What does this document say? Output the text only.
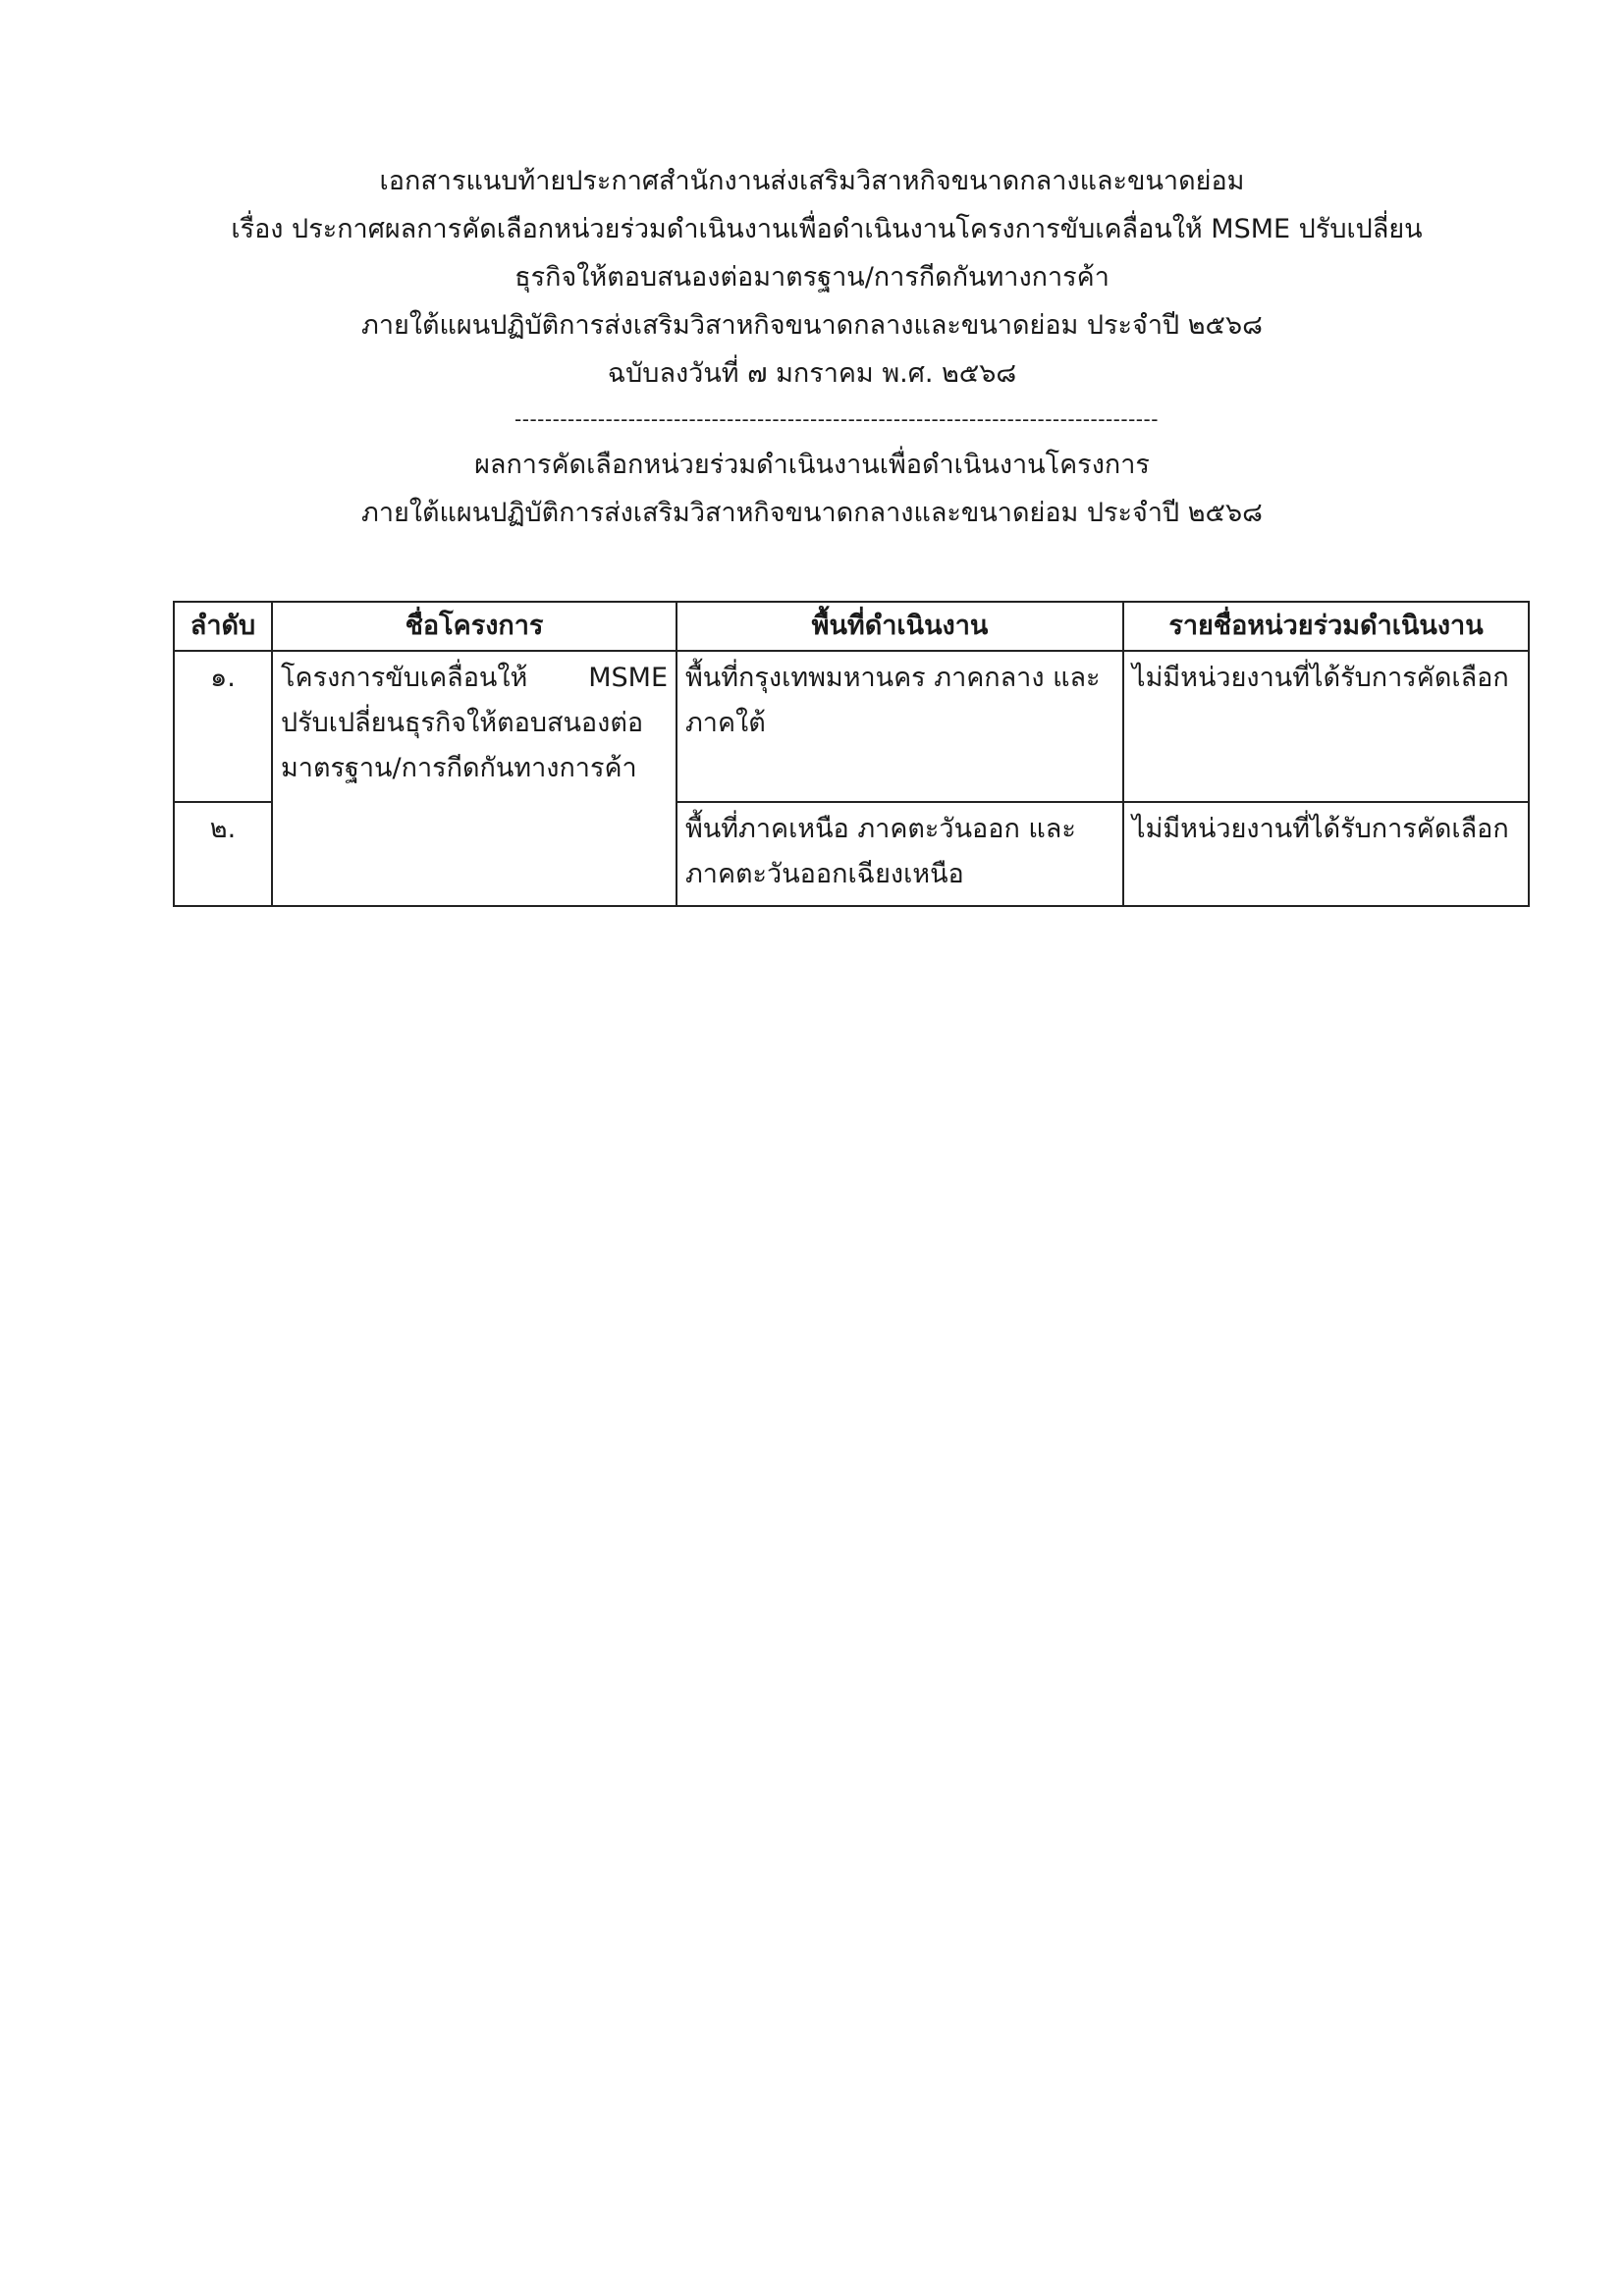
เอกสารแนบท้ายประกาศสำนักงานส่งเสริมวิสาหกิจขนาดกลางและขนาดย่อม
เรื่อง ประกาศผลการคัดเลือกหน่วยร่วมดำเนินงานเพื่อดำเนินงานโครงการขับเคลื่อนให้ MSME ปรับเปลี่ยน
ธุรกิจให้ตอบสนองต่อมาตรฐาน/การกีดกันทางการค้า
ภายใต้แผนปฏิบัติการส่งเสริมวิสาหกิจขนาดกลางและขนาดย่อม ประจำปี ๒๕๖๘
ฉบับลงวันที่ ๗ มกราคม พ.ศ. ๒๕๖๘
-------------------------------------------------------------------------------------
ผลการคัดเลือกหน่วยร่วมดำเนินงานเพื่อดำเนินงานโครงการ
ภายใต้แผนปฏิบัติการส่งเสริมวิสาหกิจขนาดกลางและขนาดย่อม ประจำปี ๒๕๖๘
ลำดับ	ชื่อโครงการ	พื้นที่ดำเนินงาน	รายชื่อหน่วยร่วมดำเนินงาน
๑.	โครงการขับเคลื่อนให้ MSME ปรับเปลี่ยนธุรกิจให้ตอบสนองต่อมาตรฐาน/การกีดกันทางการค้า	พื้นที่กรุงเทพมหานคร ภาคกลาง และภาคใต้	ไม่มีหน่วยงานที่ได้รับการคัดเลือก
๒.		พื้นที่ภาคเหนือ ภาคตะวันออก และภาคตะวันออกเฉียงเหนือ	ไม่มีหน่วยงานที่ได้รับการคัดเลือก
